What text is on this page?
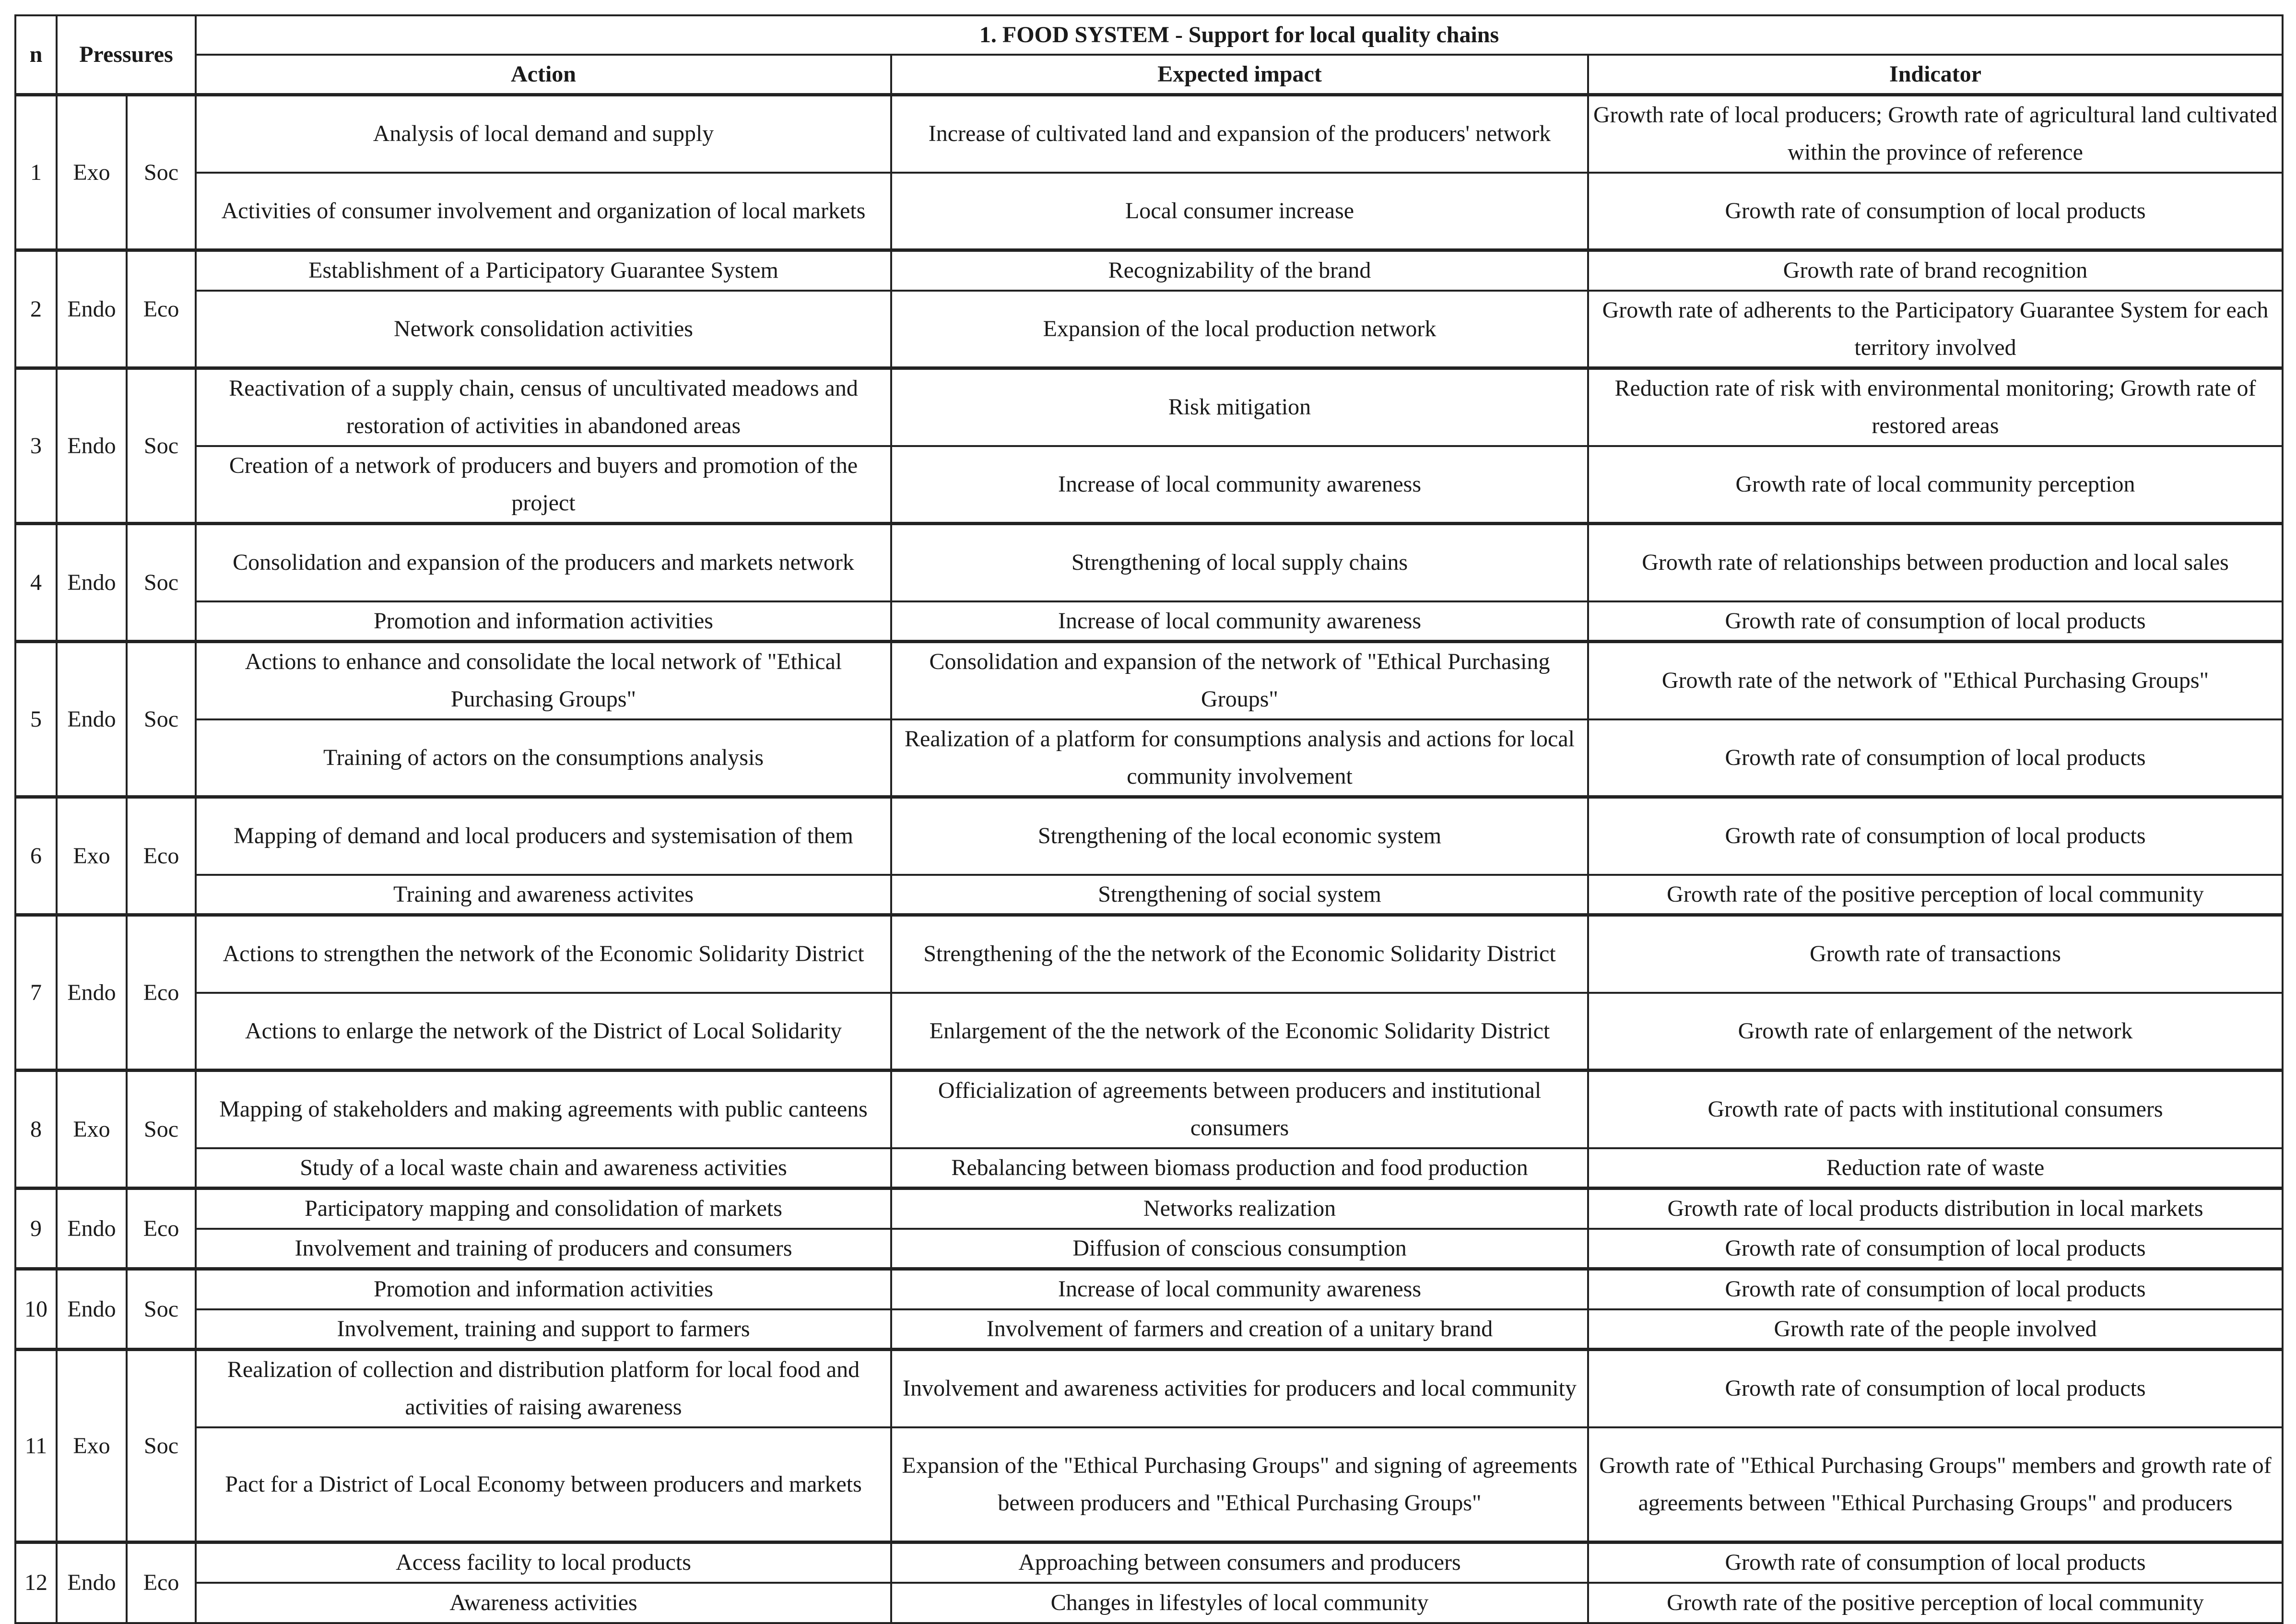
n	Pressures		1. FOOD SYSTEM - Support for local quality chains		
			Action	Expected impact	Indicator
1	Exo	Soc	Analysis of local demand and supply	Increase of cultivated land and expansion of the producers' network	Growth rate of local producers; Growth rate of agricultural land cultivated within the province of reference
			Activities of consumer involvement and organization of local markets	Local consumer increase	Growth rate of consumption of local products
2	Endo	Eco	Establishment of a Participatory Guarantee System	Recognizability of the brand	Growth rate of brand recognition
			Network consolidation activities	Expansion of the local production network	Growth rate of adherents to the Participatory Guarantee System for each territory involved
3	Endo	Soc	Reactivation of a supply chain, census of uncultivated meadows and restoration of activities in abandoned areas	Risk mitigation	Reduction rate of risk with environmental monitoring; Growth rate of restored areas
			Creation of a network of producers and buyers and promotion of the project	Increase of local community awareness	Growth rate of local community perception
4	Endo	Soc	Consolidation and expansion of the producers and markets network	Strengthening of local supply chains	Growth rate of relationships between production and local sales
			Promotion and information activities	Increase of local community awareness	Growth rate of consumption of local products
5	Endo	Soc	Actions to enhance and consolidate the local network of "Ethical Purchasing Groups"	Consolidation and expansion of the network of "Ethical Purchasing Groups"	Growth rate of the network of "Ethical Purchasing Groups"
			Training of actors on the consumptions analysis	Realization of a platform for consumptions analysis and actions for local community involvement	Growth rate of consumption of local products
6	Exo	Eco	Mapping of demand and local producers and systemisation of them	Strengthening of the local economic system	Growth rate of consumption of local products
			Training and awareness activites	Strengthening of social system	Growth rate of the positive perception of local community
7	Endo	Eco	Actions to strengthen the network of the Economic Solidarity District	Strengthening of the the network of the Economic Solidarity District	Growth rate of transactions
			Actions to enlarge the network of the District of Local Solidarity	Enlargement of the the network of the Economic Solidarity District	Growth rate of enlargement of the network
8	Exo	Soc	Mapping of stakeholders and making agreements with public canteens	Officialization of agreements between producers and institutional consumers	Growth rate of pacts with institutional consumers
			Study of a local waste chain and awareness activities	Rebalancing between biomass production and food production	Reduction rate of waste
9	Endo	Eco	Participatory mapping and consolidation of markets	Networks realization	Growth rate of local products distribution in local markets
			Involvement and training of producers and consumers	Diffusion of conscious consumption	Growth rate of consumption of local products
10	Endo	Soc	Promotion and information activities	Increase of local community awareness	Growth rate of consumption of local products
			Involvement, training and support to farmers	Involvement of farmers and creation of a unitary brand	Growth rate of the people involved
11	Exo	Soc	Realization of collection and distribution platform for local food and activities of raising awareness	Involvement and awareness activities for producers and local community	Growth rate of consumption of local products
			Pact for a District of Local Economy between producers and markets	Expansion of the "Ethical Purchasing Groups" and signing of agreements between producers and "Ethical Purchasing Groups"	Growth rate of "Ethical Purchasing Groups" members and growth rate of agreements between "Ethical Purchasing Groups" and producers
12	Endo	Eco	Access facility to local products	Approaching between consumers and producers	Growth rate of consumption of local products
			Awareness activities	Changes in lifestyles of local community	Growth rate of the positive perception of local community
